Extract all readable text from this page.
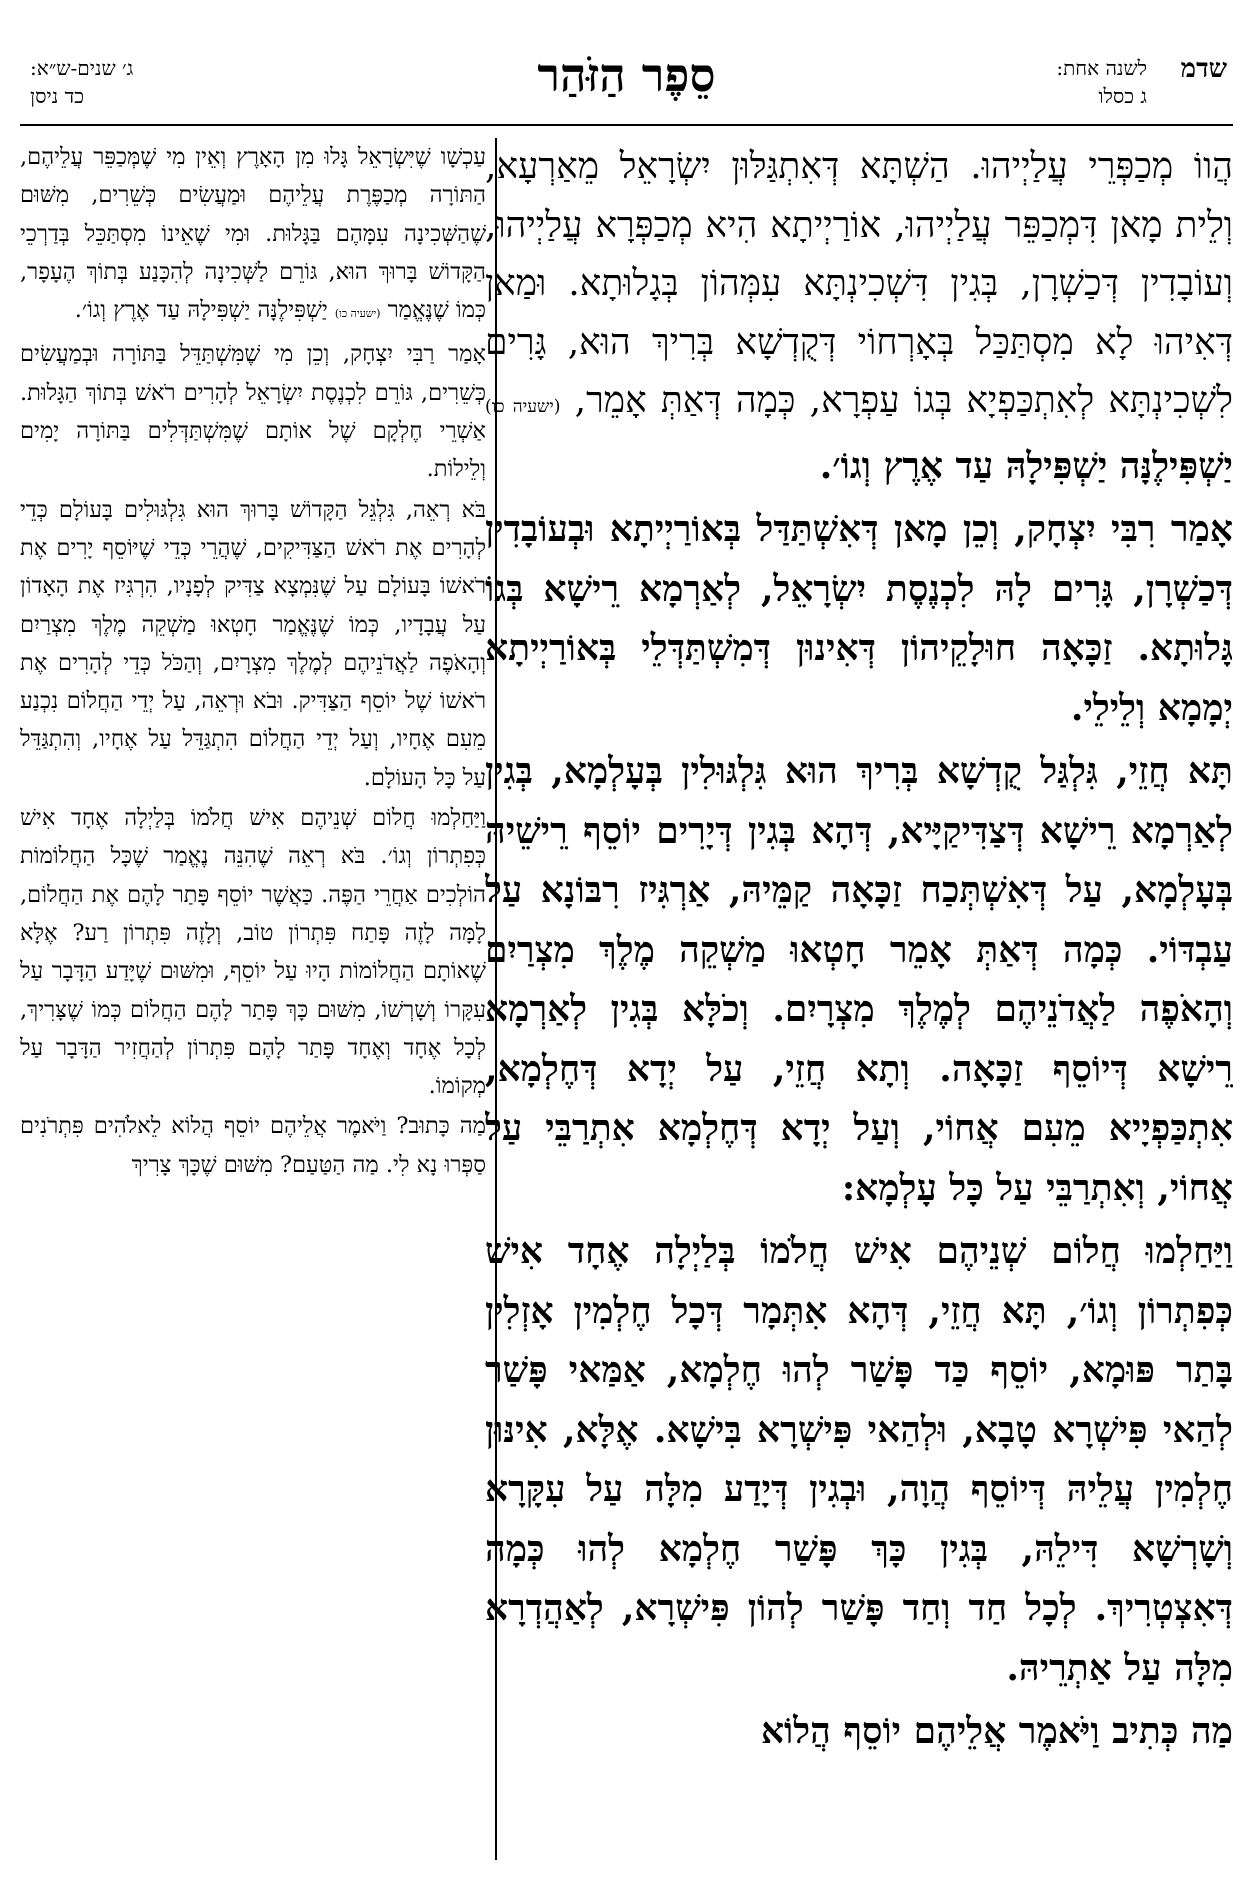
שדמ
לשנה אחת:
ג כסלו
סֵפֶר הַזֹּהַר
ג׳ שנים-ש״א:
כד ניסן

הֲווֹ מְכַפְּרֵי עֲלַיְיהוּ. הַשְׁתָּא דְּאִתְגַּלּוּן יִשְׂרָאֵל מֵאַרְעָא, וְלֵית מָאן דִּמְכַפֵּר עֲלַיְיהוּ, אוֹרַיְיתָא הִיא מְכַפְּרָא עֲלַיְיהוּ, וְעוֹבָדִין דְּכַשְׁרָן, בְּגִין דִּשְׁכִינְתָּא עִמְּהוֹן בְּגָלוּתָא. וּמַאן דְּאִיהוּ לָא מִסְתַּכַּל בְּאָרְחוֹי דְּקֻדְשָׁא בְּרִיךְ הוּא, גָּרִים לִשְׁכִינְתָּא לְאִתְכַּפְיָא בְּגוֹ עַפְרָא, כְּמָה דְּאַתְּ אָמֵר, (ישעיה כו) יַשְׁפִּילֶנָּה יַשְׁפִּילָהּ עַד אֶרֶץ וְגוֹ׳.

אָמַר רִבִּי יִצְחָק, וְכֵן מָאן דְּאִשְׁתַּדַּל בְּאוֹרַיְיתָא וּבְעוֹבָדִין דְּכַשְׁרָן, גָּרִים לָהּ לִכְנֶסֶת יִשְׂרָאֵל, לְאַרְמָא רֵישָׁא בְּגוֹ גָּלוּתָא. זַכָּאָה חוּלָקֵיהוֹן דְּאִינוּן דְּמִשְׁתַּדְּלֵי בְּאוֹרַיְיתָא יְמָמָא וְלֵילֵי.

תָּא חֲזֵי, גִּלְגַּל קֻדְשָׁא בְּרִיךְ הוּא גִּלְגּוּלִין בְּעָלְמָא, בְּגִין לְאַרְמָא רֵישָׁא דְּצַדִּיקַיָּיא, דְּהָא בְּגִין דְּיָרִים יוֹסֵף רֵישֵׁיהּ בְּעָלְמָא, עַל דְּאִשְׁתְּכַח זַכָּאָה קַמֵּיהּ, אַרְגִּיז רִבּוֹנָא עַל עַבְדּוֹי. כְּמָה דְּאַתְּ אָמֵר חָטְאוּ מַשְׁקֵה מֶלֶךְ מִצְרַיִם וְהָאֹפֶה לַאֲדֹנֵיהֶם לְמֶלֶךְ מִצְרָיִם. וְכֹלָּא בְּגִין לְאַרְמָא רֵישָׁא דְּיוֹסֵף זַכָּאָה. וְתָא חֲזֵי, עַל יְדָא דְּחֶלְמָא, אִתְכַּפְיָיא מֵעִם אֲחוֹי, וְעַל יְדָא דְּחֶלְמָא אִתְרַבֵּי עַל אֲחוֹי, וְאִתְרַבֵּי עַל כָּל עָלְמָא:

וַיַּחַלְמוּ חֲלוֹם שְׁנֵיהֶם אִישׁ חֲלֹמוֹ בְּלַיְלָה אֶחָד אִישׁ כְּפִתְרוֹן וְגוֹ׳, תָּא חֲזֵי, דְּהָא אִתְּמָר דְּכָל חֶלְמִין אָזְלִין בָּתַר פּוּמָא, יוֹסֵף כַּד פָּשַׁר לְהוּ חֶלְמָא, אַמַּאי פָּשַׁר לְהַאי פִּישְׁרָא טָבָא, וּלְהַאי פִּישְׁרָא בִּישָׁא. אֶלָּא, אִינּוּן חֶלְמִין עֲלֵיהּ דְּיוֹסֵף הֲוָה, וּבְגִין דְּיָדַע מִלָּה עַל עִקָּרָא וְשָׁרְשָׁא דִּילֵהּ, בְּגִין כָּךְ פָּשַׁר חֶלְמָא לְהוּ כְּמָה דְּאִצְטְרִיךְ. לְכָל חַד וְחַד פָּשַׁר לְהוֹן פִּישְׁרָא, לְאַהֲדְרָא מִלָּה עַל אַתְרֵיהּ.

מַה כְּתִיב וַיֹּאמֶר אֲלֵיהֶם יוֹסֵף הֲלוֹא

עַכְשָׁו שֶׁיִּשְׂרָאֵל גָּלוּ מִן הָאָרֶץ וְאֵין מִי שֶׁמְּכַפֵּר עֲלֵיהֶם, הַתּוֹרָה מְכַפֶּרֶת עֲלֵיהֶם וּמַעֲשִׂים כְּשֵׁרִים, מִשּׁוּם שֶׁהַשְּׁכִינָה עִמָּהֶם בַּגָּלוּת. וּמִי שֶׁאֵינוֹ מִסְתַּכֵּל בְּדַרְכֵי הַקָּדוֹשׁ בָּרוּךְ הוּא, גּוֹרֵם לַשְּׁכִינָה לְהִכָּנַע בְּתוֹךְ הֶעָפָר, כְּמוֹ שֶׁנֶּאֱמַר (ישעיה כו) יַשְׁפִּילֶנָּה יַשְׁפִּילָהּ עַד אֶרֶץ וְגוֹ׳.

אָמַר רַבִּי יִצְחָק, וְכֵן מִי שֶׁמִּשְׁתַּדֵּל בַּתּוֹרָה וּבְמַעֲשִׂים כְּשֵׁרִים, גּוֹרֵם לִכְנֶסֶת יִשְׂרָאֵל לְהָרִים רֹאשׁ בְּתוֹךְ הַגָּלוּת. אַשְׁרֵי חֶלְקָם שֶׁל אוֹתָם שֶׁמִּשְׁתַּדְּלִים בַּתּוֹרָה יָמִים וְלֵילוֹת.

בֹּא רְאֵה, גִּלְגֵּל הַקָּדוֹשׁ בָּרוּךְ הוּא גִּלְגּוּלִים בָּעוֹלָם כְּדֵי לְהָרִים אֶת רֹאשׁ הַצַּדִּיקִים, שֶׁהֲרֵי כְּדֵי שֶׁיּוֹסֵף יָרִים אֶת רֹאשׁוֹ בָּעוֹלָם עַל שֶׁנִּמְצָא צַדִּיק לְפָנָיו, הִרְגִּיז אֶת הָאָדוֹן עַל עֲבָדָיו, כְּמוֹ שֶׁנֶּאֱמַר חָטְאוּ מַשְׁקֵה מֶלֶךְ מִצְרַיִם וְהָאֹפֶה לַאֲדֹנֵיהֶם לְמֶלֶךְ מִצְרָיִם, וְהַכֹּל כְּדֵי לְהָרִים אֶת רֹאשׁוֹ שֶׁל יוֹסֵף הַצַּדִּיק. וּבֹא וּרְאֵה, עַל יְדֵי הַחֲלוֹם נִכְנַע מֵעִם אֶחָיו, וְעַל יְדֵי הַחֲלוֹם הִתְגַּדֵּל עַל אֶחָיו, וְהִתְגַּדֵּל עַל כָּל הָעוֹלָם.

וַיַּחַלְמוּ חֲלוֹם שְׁנֵיהֶם אִישׁ חֲלֹמוֹ בְּלַיְלָה אֶחָד אִישׁ כְּפִתְרוֹן וְגוֹ׳. בֹּא רְאֵה שֶׁהִנֵּה נֶאֱמַר שֶׁכָּל הַחֲלוֹמוֹת הוֹלְכִים אַחֲרֵי הַפֶּה. כַּאֲשֶׁר יוֹסֵף פָּתַר לָהֶם אֶת הַחֲלוֹם, לָמָּה לָזֶה פָּתַח פִּתְרוֹן טוֹב, וְלָזֶה פִּתְרוֹן רַע? אֶלָּא שֶׁאוֹתָם הַחֲלוֹמוֹת הָיוּ עַל יוֹסֵף, וּמִשּׁוּם שֶׁיָּדַע הַדָּבָר עַל עִקָּרוֹ וְשָׁרְשׁוֹ, מִשּׁוּם כָּךְ פָּתַר לָהֶם הַחֲלוֹם כְּמוֹ שֶׁצָּרִיךְ, לְכָל אֶחָד וְאֶחָד פָּתַר לָהֶם פִּתְרוֹן לְהַחֲזִיר הַדָּבָר עַל מְקוֹמוֹ.

מַה כָּתוּב? וַיֹּאמֶר אֲלֵיהֶם יוֹסֵף הֲלוֹא לֵאלֹהִים פִּתְרֹנִים סַפְּרוּ נָא לִי. מַה הַטַּעַם? מִשּׁוּם שֶׁכָּךְ צָרִיךְ
